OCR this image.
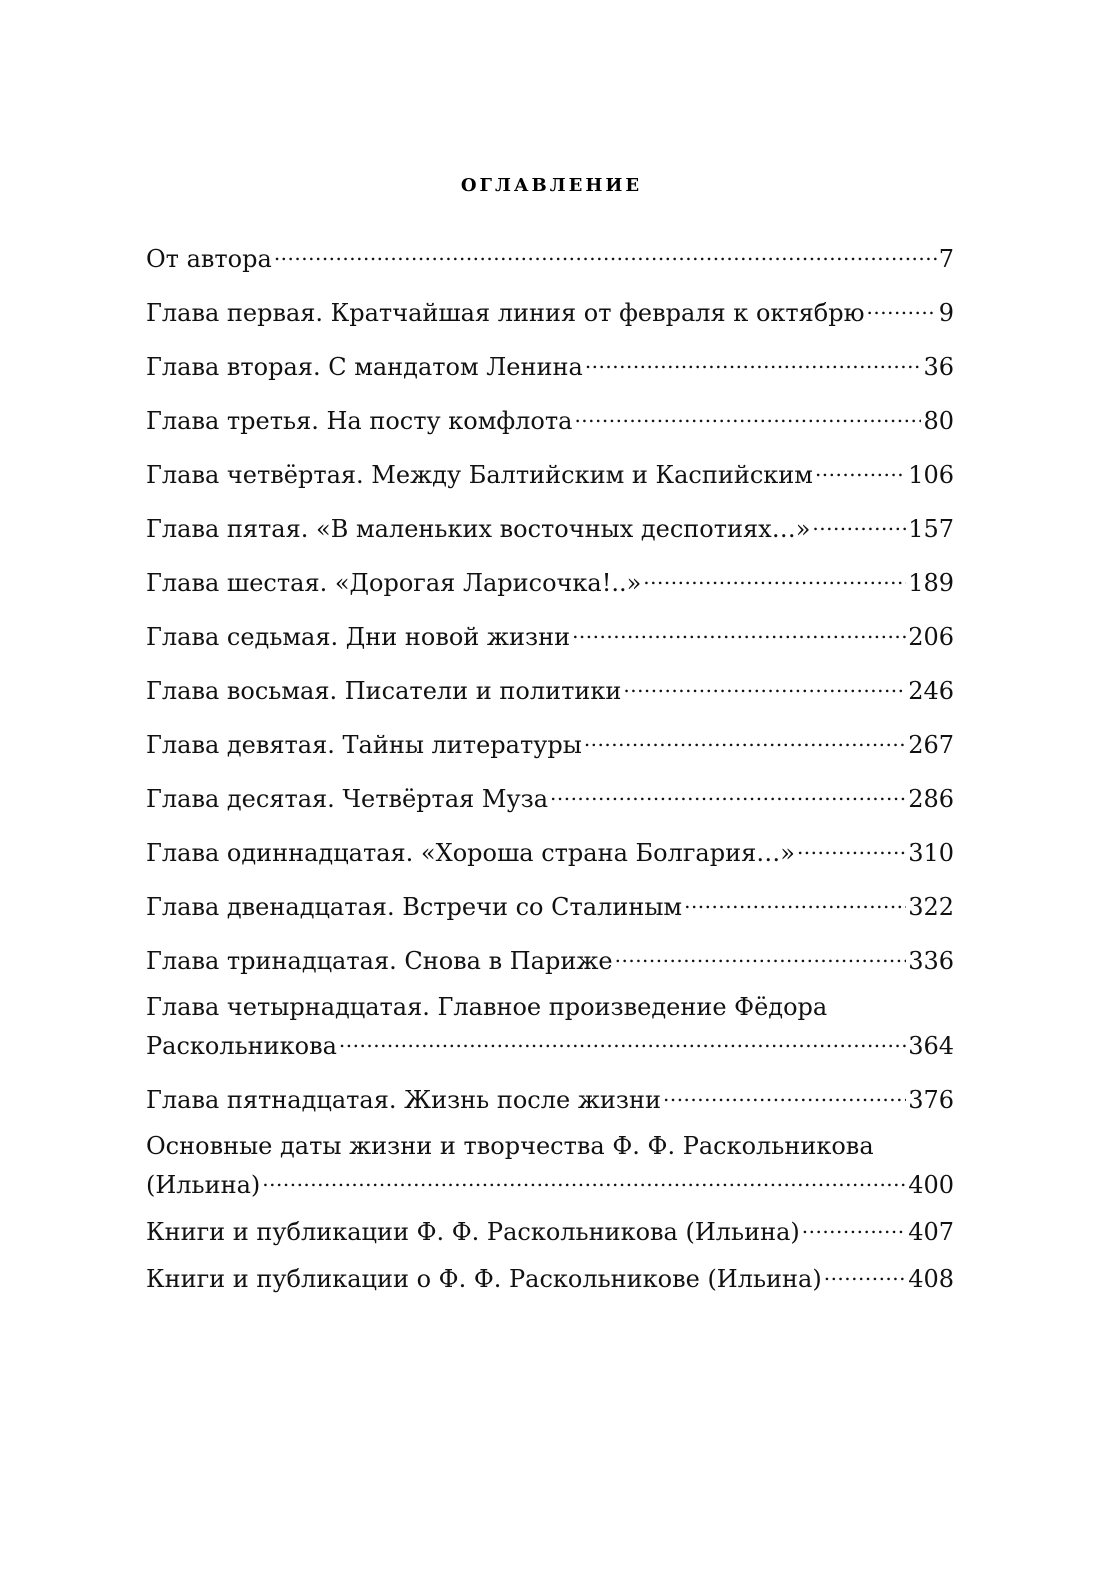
оглавление
От автора .....	7
Глава первая. Кратчайшая линия от февраля к октябрю .....	9
Глава вторая. С мандатом Ленина .....	36
Глава третья. На посту комфлота .....	80
Глава четвёртая. Между Балтийским и Каспийским .....	106
Глава пятая. «В маленьких восточных деспотиях…» .....	157
Глава шестая. «Дорогая Ларисочка!..» .....	189
Глава седьмая. Дни новой жизни .....	206
Глава восьмая. Писатели и политики .....	246
Глава девятая. Тайны литературы .....	267
Глава десятая. Четвёртая Муза .....	286
Глава одиннадцатая. «Хороша страна Болгария…» .....	310
Глава двенадцатая. Встречи со Сталиным .....	322
Глава тринадцатая. Снова в Париже .....	336
Глава четырнадцатая. Главное произведение Фёдора
Раскольникова .....	364
Глава пятнадцатая. Жизнь после жизни .....	376
Основные даты жизни и творчества Ф. Ф. Раскольникова
(Ильина) .....	400
Книги и публикации Ф. Ф. Раскольникова (Ильина) .....	407
Книги и публикации о Ф. Ф. Раскольникове (Ильина) .....	408
